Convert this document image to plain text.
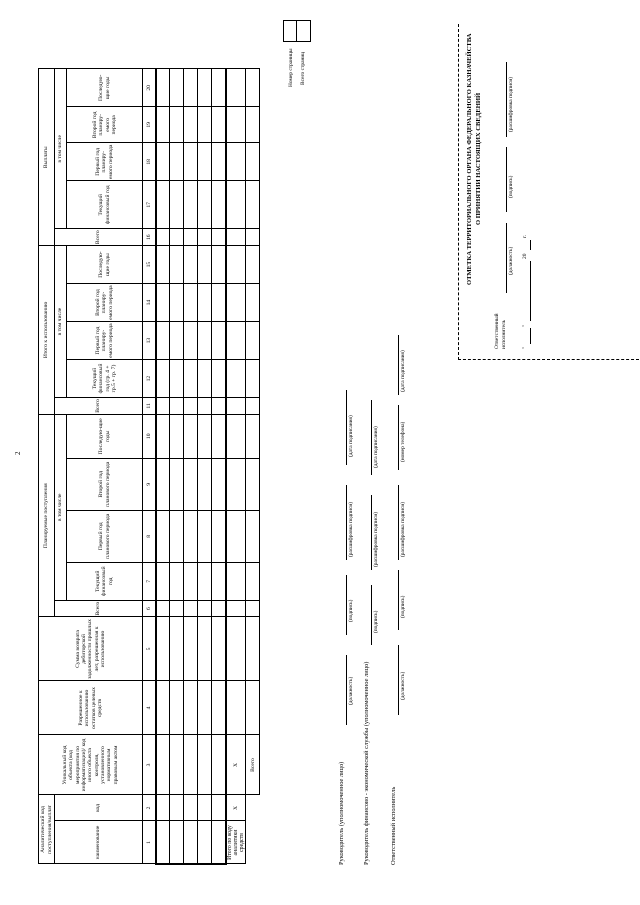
2
Аналитический код поступления/выплат		Уникальный код объекта (код мероприятия по информатизации)/ код иного объекта контроля, установленного нормативным правовым актом	Разрешенное к использованию остатков целевых средств	Сумма возврата дебиторской задолженности прошлых лет, разрешенная к использованию	Планируемые поступления					Итого к использованию					Выплаты				
наименование	код				Всего	в том числе				Всего	в том числе				Всего	в том числе			
						Текущий финансовый год	Первый год планового периода	Второй год планового периода	Последую-щие годы		Текущий финансовый год (гр. 4 + гр.5 + гр. 7)	Первый год планиру-емого периода	Второй год планиру-емого периода	Последую-щие годы		Текущий финансовый год	Первый год планиру-емого периода	Второй год планиру-емого периода	Последую-щие годы
1	2	3	4	5	6	7	8	9	10	11	12	13	14	15	16	17	18	19	20

Итого по коду аналитики средств	X	X																	
		Всего																	
Номер страницы Всего страниц
Руководитель (уполномоченное лицо)
(должность)
(подпись)
(расшифровка подписи)
(дата подписания)
Руководитель финансово - экономической службы (уполномоченное лицо)
(подпись)
(расшифровка подписи)
(дата подписания)
Ответственный исполнитель
(должность)
(подпись)
(расшифровка подписи)
(номер телефона)
(дата подписания)
ОТМЕТКА ТЕРРИТОРИАЛЬНОГО ОРГАНА ФЕДЕРАЛЬНОГО КАЗНАЧЕЙСТВА О ПРИНЯТИИ НАСТОЯЩИХ СВЕДЕНИЙ
Ответственный исполнитель
(должность)
(подпись)
(расшифровка подписи)
"
"
20
г.
